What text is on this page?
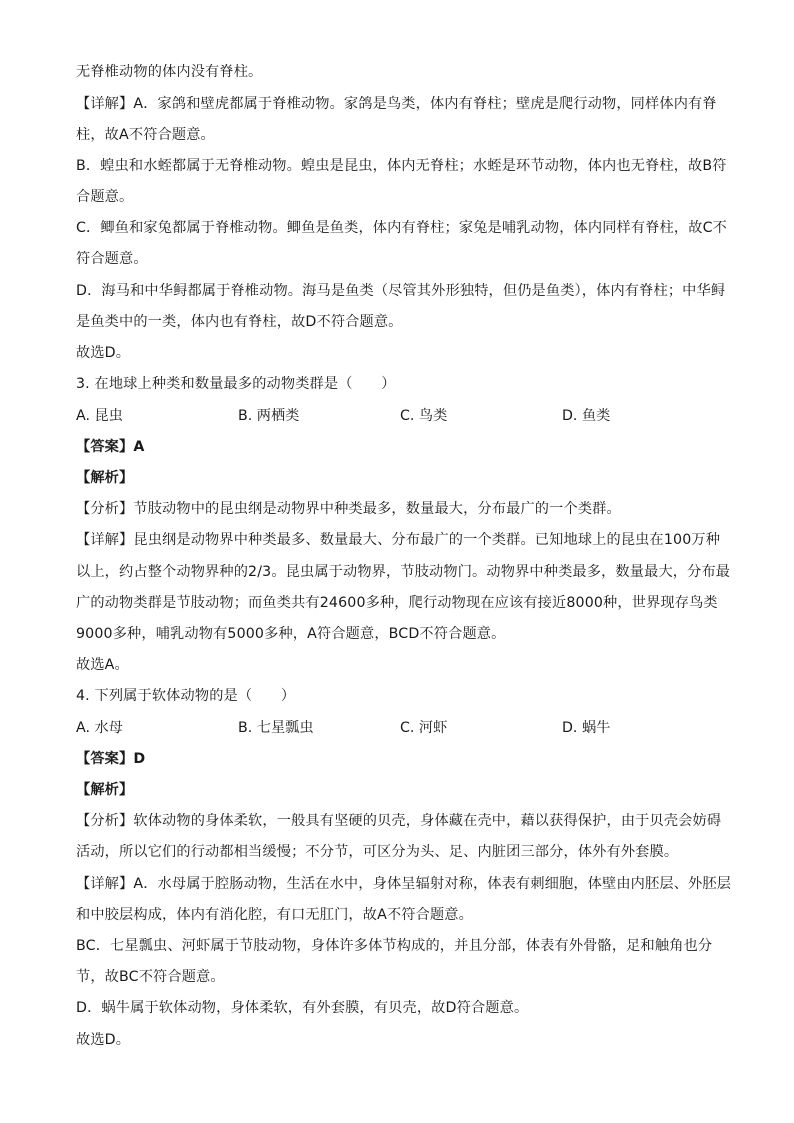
无脊椎动物的体内没有脊柱。
【详解】A．家鸽和壁虎都属于脊椎动物。家鸽是鸟类，体内有脊柱；壁虎是爬行动物，同样体内有脊
柱，故A不符合题意。
B．蝗虫和水蛭都属于无脊椎动物。蝗虫是昆虫，体内无脊柱；水蛭是环节动物，体内也无脊柱，故B符
合题意。
C．鲫鱼和家兔都属于脊椎动物。鲫鱼是鱼类，体内有脊柱；家兔是哺乳动物，体内同样有脊柱，故C不
符合题意。
D．海马和中华鲟都属于脊椎动物。海马是鱼类（尽管其外形独特，但仍是鱼类），体内有脊柱；中华鲟
是鱼类中的一类，体内也有脊柱，故D不符合题意。
故选D。
3. 在地球上种类和数量最多的动物类群是（　　）
A. 昆虫	B. 两栖类	C. 鸟类	D. 鱼类
【答案】A
【解析】
【分析】节肢动物中的昆虫纲是动物界中种类最多，数量最大，分布最广的一个类群。
【详解】昆虫纲是动物界中种类最多、数量最大、分布最广的一个类群。已知地球上的昆虫在100万种
以上，约占整个动物界种的2/3。昆虫属于动物界，节肢动物门。动物界中种类最多，数量最大，分布最
广的动物类群是节肢动物；而鱼类共有24600多种，爬行动物现在应该有接近8000种，世界现存鸟类
9000多种，哺乳动物有5000多种，A符合题意，BCD不符合题意。
故选A。
4. 下列属于软体动物的是（　　）
A. 水母	B. 七星瓢虫	C. 河虾	D. 蜗牛
【答案】D
【解析】
【分析】软体动物的身体柔软，一般具有坚硬的贝壳，身体藏在壳中，藉以获得保护，由于贝壳会妨碍
活动，所以它们的行动都相当缓慢；不分节，可区分为头、足、内脏团三部分，体外有外套膜。
【详解】A．水母属于腔肠动物，生活在水中，身体呈辐射对称，体表有刺细胞，体壁由内胚层、外胚层
和中胶层构成，体内有消化腔，有口无肛门，故A不符合题意。
BC．七星瓢虫、河虾属于节肢动物，身体许多体节构成的，并且分部，体表有外骨骼，足和触角也分
节，故BC不符合题意。
D．蜗牛属于软体动物，身体柔软，有外套膜，有贝壳，故D符合题意。
故选D。
